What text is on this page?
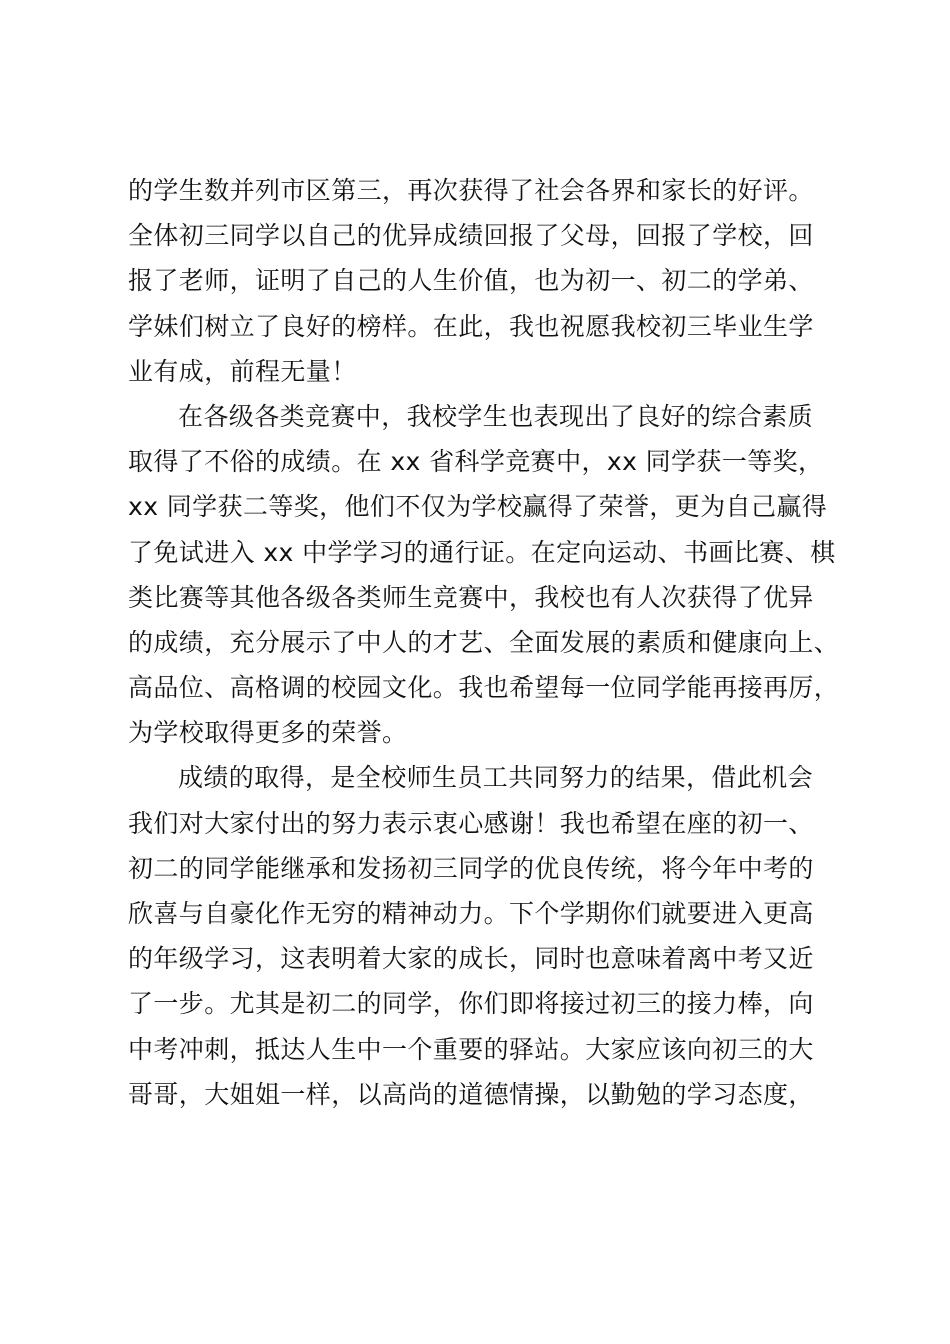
的学生数并列市区第三，再次获得了社会各界和家长的好评。
全体初三同学以自己的优异成绩回报了父母，回报了学校，回
报了老师，证明了自己的人生价值，也为初一、初二的学弟、
学妹们树立了良好的榜样。在此，我也祝愿我校初三毕业生学
业有成，前程无量！
在各级各类竞赛中，我校学生也表现出了良好的综合素质
取得了不俗的成绩。在 xx 省科学竞赛中，xx 同学获一等奖，
xx 同学获二等奖，他们不仅为学校赢得了荣誉，更为自己赢得
了免试进入 xx 中学学习的通行证。在定向运动、书画比赛、棋
类比赛等其他各级各类师生竞赛中，我校也有人次获得了优异
的成绩，充分展示了中人的才艺、全面发展的素质和健康向上、
高品位、高格调的校园文化。我也希望每一位同学能再接再厉，
为学校取得更多的荣誉。
成绩的取得，是全校师生员工共同努力的结果，借此机会
我们对大家付出的努力表示衷心感谢！我也希望在座的初一、
初二的同学能继承和发扬初三同学的优良传统，将今年中考的
欣喜与自豪化作无穷的精神动力。下个学期你们就要进入更高
的年级学习，这表明着大家的成长，同时也意味着离中考又近
了一步。尤其是初二的同学，你们即将接过初三的接力棒，向
中考冲刺，抵达人生中一个重要的驿站。大家应该向初三的大
哥哥，大姐姐一样，以高尚的道德情操，以勤勉的学习态度，
